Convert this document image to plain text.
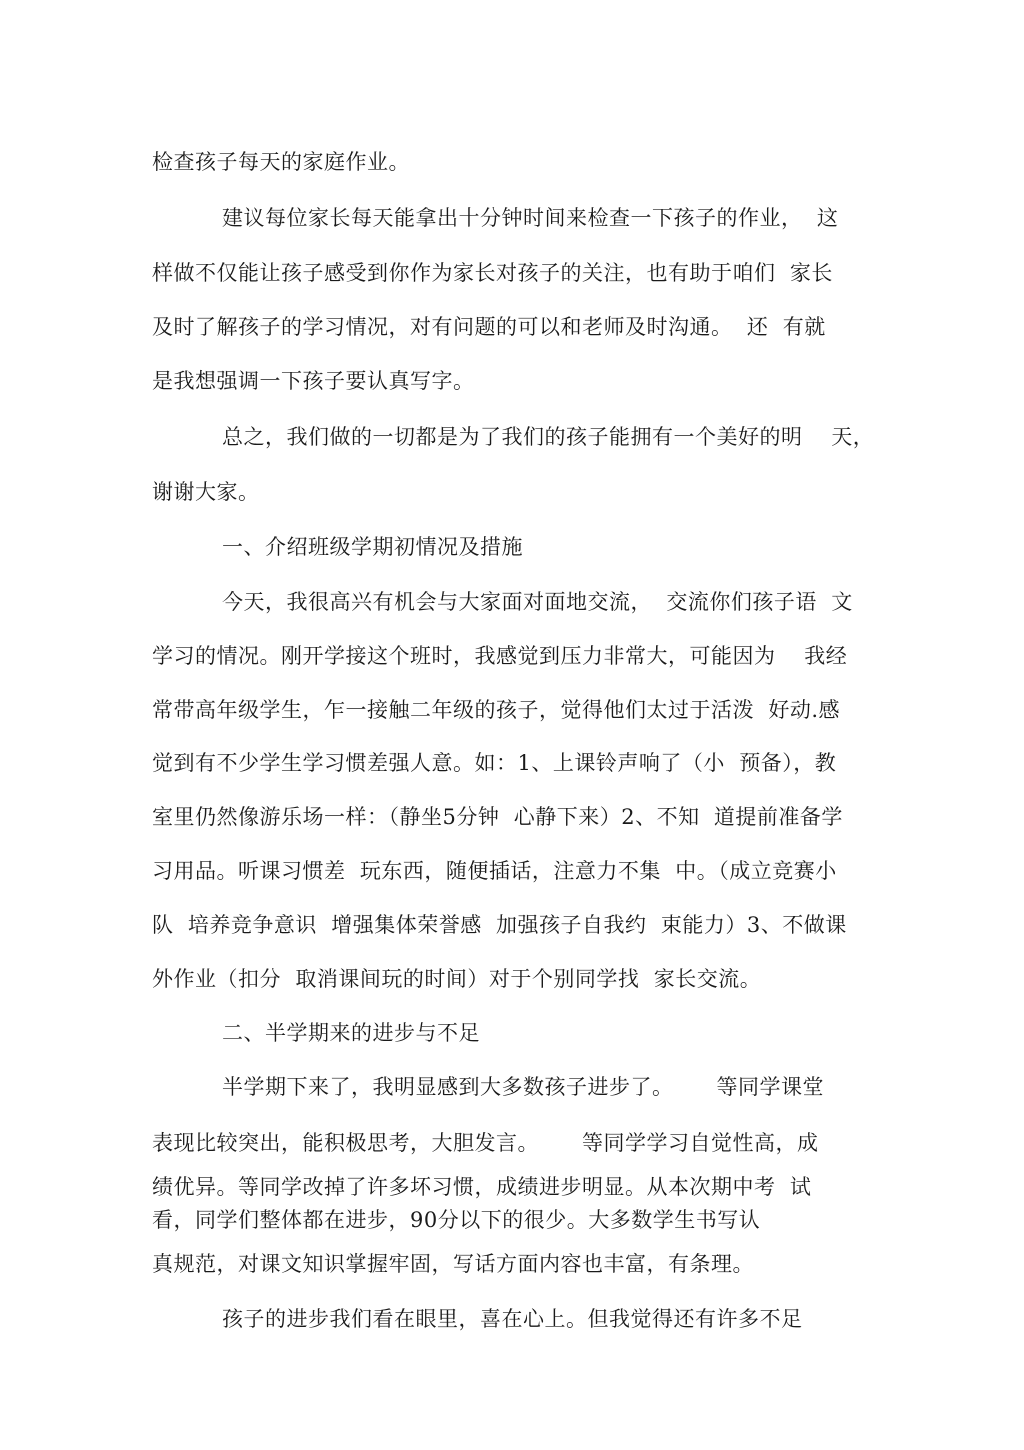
检查孩子每天的家庭作业。
建议每位家长每天能拿出十分钟时间来检查一下孩子的作业，  这
样做不仅能让孩子感受到你作为家长对孩子的关注，也有助于咱们  家长
及时了解孩子的学习情况，对有问题的可以和老师及时沟通。  还  有就
是我想强调一下孩子要认真写字。
总之，我们做的一切都是为了我们的孩子能拥有一个美好的明    天，
谢谢大家。
一、介绍班级学期初情况及措施
今天，我很高兴有机会与大家面对面地交流，  交流你们孩子语  文
学习的情况。刚开学接这个班时，我感觉到压力非常大，可能因为    我经
常带高年级学生，乍一接触二年级的孩子，觉得他们太过于活泼  好动.感
觉到有不少学生学习惯差强人意。如：1、上课铃声响了（小  预备），教
室里仍然像游乐场一样：（静坐5分钟  心静下来）2、不知  道提前准备学
习用品。听课习惯差  玩东西，随便插话，注意力不集  中。（成立竞赛小
队  培养竞争意识  增强集体荣誉感  加强孩子自我约  束能力）3、不做课
外作业（扣分  取消课间玩的时间）对于个别同学找  家长交流。
二、半学期来的进步与不足
半学期下来了，我明显感到大多数孩子进步了。      等同学课堂
表现比较突出，能积极思考，大胆发言。      等同学学习自觉性高，成
绩优异。等同学改掉了许多坏习惯，成绩进步明显。从本次期中考  试
看，同学们整体都在进步，90分以下的很少。大多数学生书写认
真规范，对课文知识掌握牢固，写话方面内容也丰富，有条理。
孩子的进步我们看在眼里，喜在心上。但我觉得还有许多不足
